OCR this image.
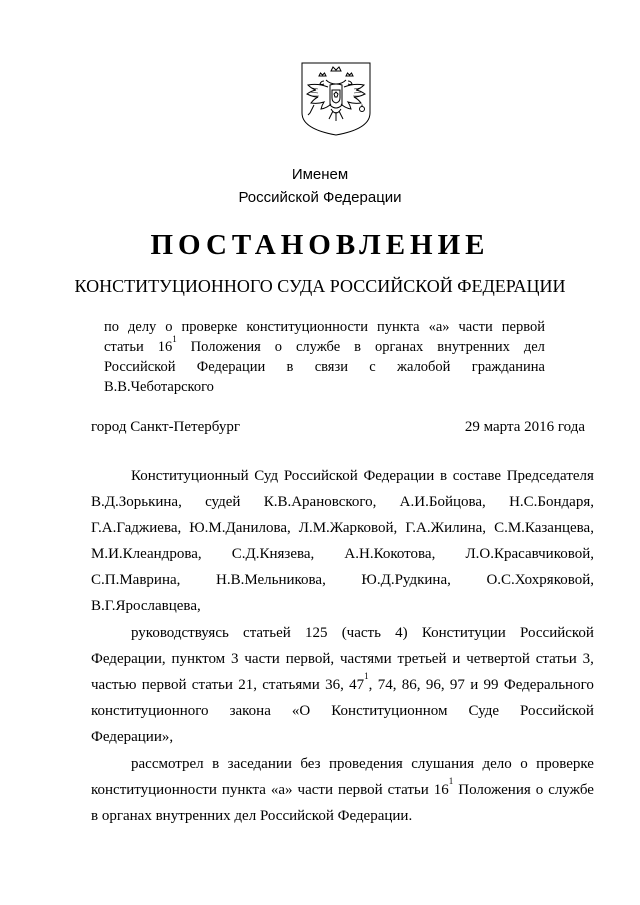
Именем
Российской Федерации
ПОСТАНОВЛЕНИЕ
КОНСТИТУЦИОННОГО СУДА РОССИЙСКОЙ ФЕДЕРАЦИИ
по делу о проверке конституционности пункта «а» части первой
статьи $16^1$ Положения о службе в органах внутренних дел
Российской Федерации в связи с жалобой гражданина
В.В.Чеботарского
город Санкт-Петербург	29 марта 2016 года
Конституционный Суд Российской Федерации в составе Председателя
В.Д.Зорькина, судей К.В.Арановского, А.И.Бойцова, Н.С.Бондаря,
Г.А.Гаджиева, Ю.М.Данилова, Л.М.Жарковой, Г.А.Жилина, С.М.Казанцева,
М.И.Клеандрова, С.Д.Князева, А.Н.Кокотова, Л.О.Красавчиковой,
С.П.Маврина, Н.В.Мельникова, Ю.Д.Рудкина, О.С.Хохряковой,
В.Г.Ярославцева,
руководствуясь статьей 125 (часть 4) Конституции Российской
Федерации, пунктом 3 части первой, частями третьей и четвертой статьи 3,
частью первой статьи 21, статьями 36, $47^1$, 74, 86, 96, 97 и 99 Федерального
конституционного закона «О Конституционном Суде Российской
Федерации»,
рассмотрел в заседании без проведения слушания дело о проверке
конституционности пункта «а» части первой статьи $16^1$
Положения о службе
в органах внутренних дел Российской Федерации.
